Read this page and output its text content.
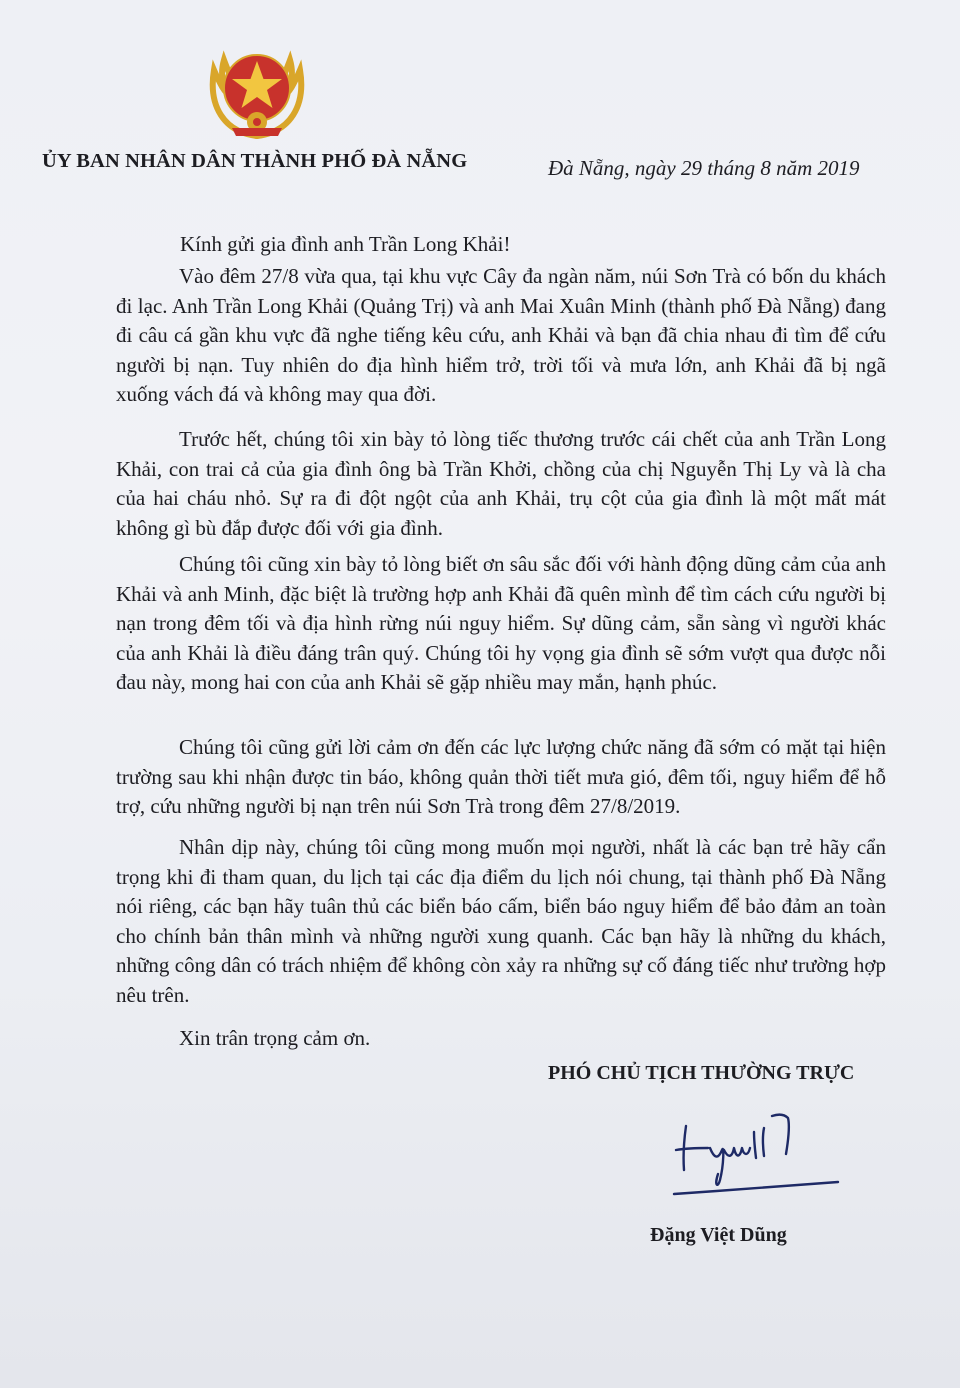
ỦY BAN NHÂN DÂN THÀNH PHỐ ĐÀ NẴNG	Đà Nẵng, ngày 29 tháng 8 năm 2019
Kính gửi gia đình anh Trần Long Khải!

Vào đêm 27/8 vừa qua, tại khu vực Cây đa ngàn năm, núi Sơn Trà có bốn du khách đi lạc. Anh Trần Long Khải (Quảng Trị) và anh Mai Xuân Minh (thành phố Đà Nẵng) đang đi câu cá gần khu vực đã nghe tiếng kêu cứu, anh Khải và bạn đã chia nhau đi tìm để cứu người bị nạn. Tuy nhiên do địa hình hiểm trở, trời tối và mưa lớn, anh Khải đã bị ngã xuống vách đá và không may qua đời.

Trước hết, chúng tôi xin bày tỏ lòng tiếc thương trước cái chết của anh Trần Long Khải, con trai cả của gia đình ông bà Trần Khởi, chồng của chị Nguyễn Thị Ly và là cha của hai cháu nhỏ. Sự ra đi đột ngột của anh Khải, trụ cột của gia đình là một mất mát không gì bù đắp được đối với gia đình.

Chúng tôi cũng xin bày tỏ lòng biết ơn sâu sắc đối với hành động dũng cảm của anh Khải và anh Minh, đặc biệt là trường hợp anh Khải đã quên mình để tìm cách cứu người bị nạn trong đêm tối và địa hình rừng núi nguy hiểm. Sự dũng cảm, sẵn sàng vì người khác của anh Khải là điều đáng trân quý. Chúng tôi hy vọng gia đình sẽ sớm vượt qua được nỗi đau này, mong hai con của anh Khải sẽ gặp nhiều may mắn, hạnh phúc.

Chúng tôi cũng gửi lời cảm ơn đến các lực lượng chức năng đã sớm có mặt tại hiện trường sau khi nhận được tin báo, không quản thời tiết mưa gió, đêm tối, nguy hiểm để hỗ trợ, cứu những người bị nạn trên núi Sơn Trà trong đêm 27/8/2019.

Nhân dịp này, chúng tôi cũng mong muốn mọi người, nhất là các bạn trẻ hãy cẩn trọng khi đi tham quan, du lịch tại các địa điểm du lịch nói chung, tại thành phố Đà Nẵng nói riêng, các bạn hãy tuân thủ các biển báo cấm, biển báo nguy hiểm để bảo đảm an toàn cho chính bản thân mình và những người xung quanh. Các bạn hãy là những du khách, những công dân có trách nhiệm để không còn xảy ra những sự cố đáng tiếc như trường hợp nêu trên.

Xin trân trọng cảm ơn.
PHÓ CHỦ TỊCH THƯỜNG TRỰC
Đặng Việt Dũng
